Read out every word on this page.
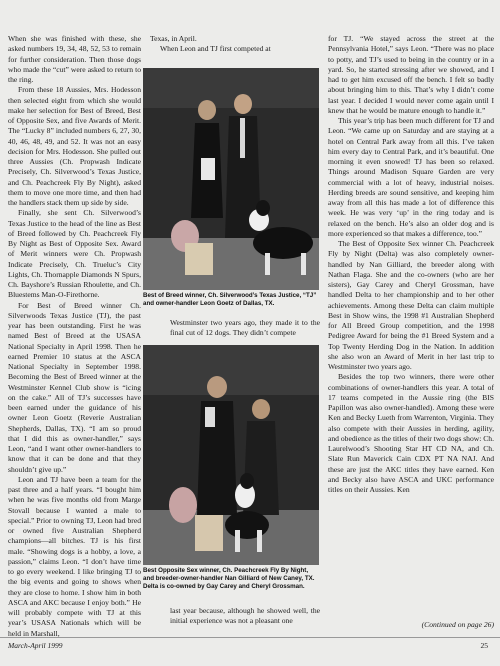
When she was finished with these, she asked numbers 19, 34, 48, 52, 53 to remain for further consideration. Then those dogs who made the “cut” were asked to return to the ring.

From these 18 Aussies, Mrs. Hodesson then selected eight from which she would make her selection for Best of Breed, Best of Opposite Sex, and five Awards of Merit. The “Lucky 8” included numbers 6, 27, 30, 40, 46, 48, 49, and 52. It was not an easy decision for Mrs. Hodesson. She pulled out three Aussies (Ch. Propwash Indicate Precisely, Ch. Silverwood’s Texas Justice, and Ch. Peachcreek Fly By Night), asked them to move one more time, and then had the handlers stack them up side by side.

Finally, she sent Ch. Silverwood’s Texas Justice to the head of the line as Best of Breed followed by Ch. Peachcreek Fly By Night as Best of Opposite Sex. Award of Merit winners were Ch. Propwash Indicate Precisely, Ch. Trueluc’s City Lights, Ch. Thornapple Diamonds N Spurs, Ch. Bayshore’s Russian Rhoulette, and Ch. Bluestems Man-O-Firethorne.

For Best of Breed winner Ch. Silverwoods Texas Justice (TJ), the past year has been outstanding. First he was named Best of Breed at the USASA National Specialty in April 1998. Then he earned Premier 10 status at the ASCA National Specialty in September 1998. Becoming the Best of Breed winner at the Westminster Kennel Club show is “icing on the cake.” All of TJ’s successes have been earned under the guidance of his owner Leon Goetz (Reverie Australian Shepherds, Dallas, TX). “I am so proud that I did this as owner-handler,” says Leon, “and I want other owner-handlers to know that it can be done and that they shouldn’t give up.”

Leon and TJ have been a team for the past three and a half years. “I bought him when he was five months old from Marge Stovall because I wanted a male to special.” Prior to owning TJ, Leon had bred or owned five Australian Shepherd champions—all bitches. TJ is his first male. “Showing dogs is a hobby, a love, a passion,” claims Leon. “I don’t have time to go every weekend. I like bringing TJ to the big events and going to shows when they are close to home. I show him in both ASCA and AKC because I enjoy both.” He will probably compete with TJ at this year’s USASA Nationals which will be held in Marshall,

Texas, in April.

When Leon and TJ first competed at

Best of Breed winner, Ch. Silverwood’s Texas Justice, “TJ” and owner-handler Leon Goetz of Dallas, TX.

Westminster two years ago, they made it to the final cut of 12 dogs. They didn’t compete

Best Opposite Sex winner, Ch. Peachcreek Fly By Night, and breeder-owner-handler Nan Gilliard of New Caney, TX. Delta is co-owned by Gay Carey and Cheryl Grossman.

last year because, although he showed well, the initial experience was not a pleasant one

for TJ. “We stayed across the street at the Pennsylvania Hotel,” says Leon. “There was no place to potty, and TJ’s used to being in the country or in a yard. So, he started stressing after we showed, and I had to get him excused off the bench. I felt so badly about bringing him to this. That’s why I didn’t come last year. I decided I would never come again until I knew that he would be mature enough to handle it.”

This year’s trip has been much different for TJ and Leon. “We came up on Saturday and are staying at a hotel on Central Park away from all this. I’ve taken him every day to Central Park, and it’s beautiful. One morning it even snowed! TJ has been so relaxed. Things around Madison Square Garden are very commercial with a lot of heavy, industrial noises. Herding breeds are sound sensitive, and keeping him away from all this has made a lot of difference this week. He was very ‘up’ in the ring today and is relaxed on the bench. He’s also an older dog and is more experienced so that makes a difference, too.”

The Best of Opposite Sex winner Ch. Peachcreek Fly by Night (Delta) was also completely owner-handled by Nan Gilliard, the breeder along with Nathan Flaga. She and the co-owners (who are her sisters), Gay Carey and Cheryl Grossman, have handled Delta to her championship and to her other achievements. Among these Delta can claim multiple Best in Show wins, the 1998 #1 Australian Shepherd for All Breed Group competition, and the 1998 Pedigree Award for being the #1 Breed System and a Top Twenty Herding Dog in the Nation. In addition she also won an Award of Merit in her last trip to Westminster two years ago.

Besides the top two winners, there were other combinations of owner-handlers this year. A total of 17 teams competed in the Aussie ring (the BIS Papillon was also owner-handled). Among these were Ken and Becky Lueth from Warrenton, Virginia. They also compete with their Aussies in herding, agility, and obedience as the titles of their two dogs show: Ch. Laurelwood’s Shooting Star HT CD NA, and Ch. Slate Run Maverick Cain CDX PT NA NAJ. And these are just the AKC titles they have earned. Ken and Becky also have ASCA and UKC performance titles on their Aussies. Ken

(Continued on page 26)
March-April 1999	25
